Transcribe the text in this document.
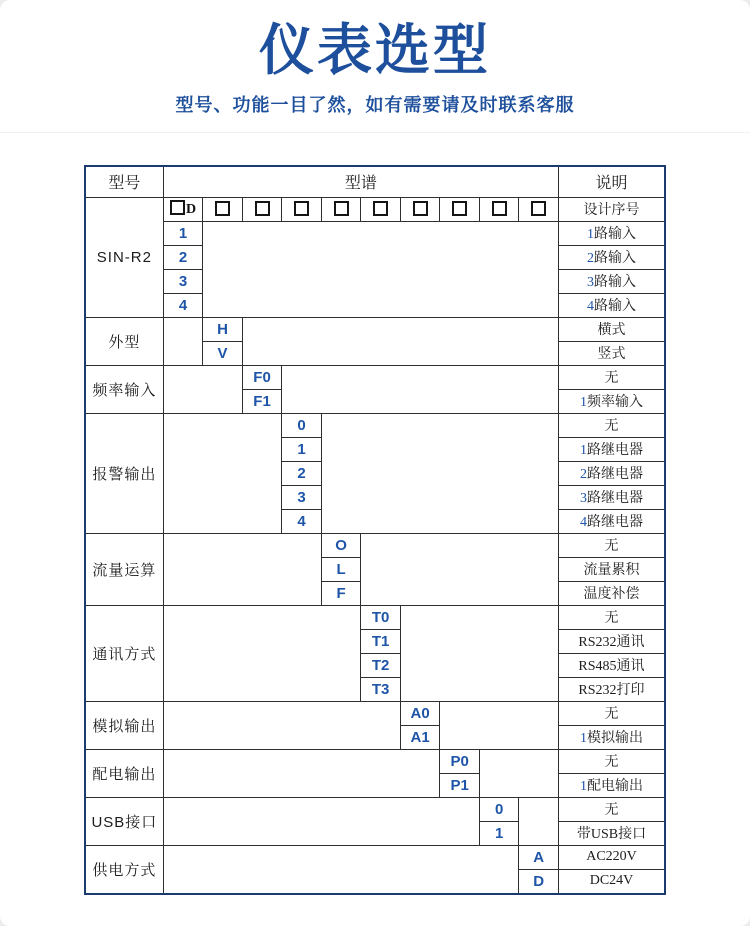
仪表选型

型号、功能一目了然，如有需要请及时联系客服

型号	型谱										说明
SIN-R2	D										设计序号
	1										1路输入
	2										2路输入
	3										3路输入
	4										4路输入
外型		H									横式
		V									竖式
频率输入			F0								无
			F1								1频率输入
报警输出				0							无
				1							1路继电器
				2							2路继电器
				3							3路继电器
				4							4路继电器
流量运算					O						无
					L						流量累积
					F						温度补偿
通讯方式						T0					无
						T1					RS232通讯
						T2					RS485通讯
						T3					RS232打印
模拟输出							A0				无
							A1				1模拟输出
配电输出								P0			无
								P1			1配电输出
USB接口									0		无
									1		带USB接口
供电方式										A	AC220V
										D	DC24V
